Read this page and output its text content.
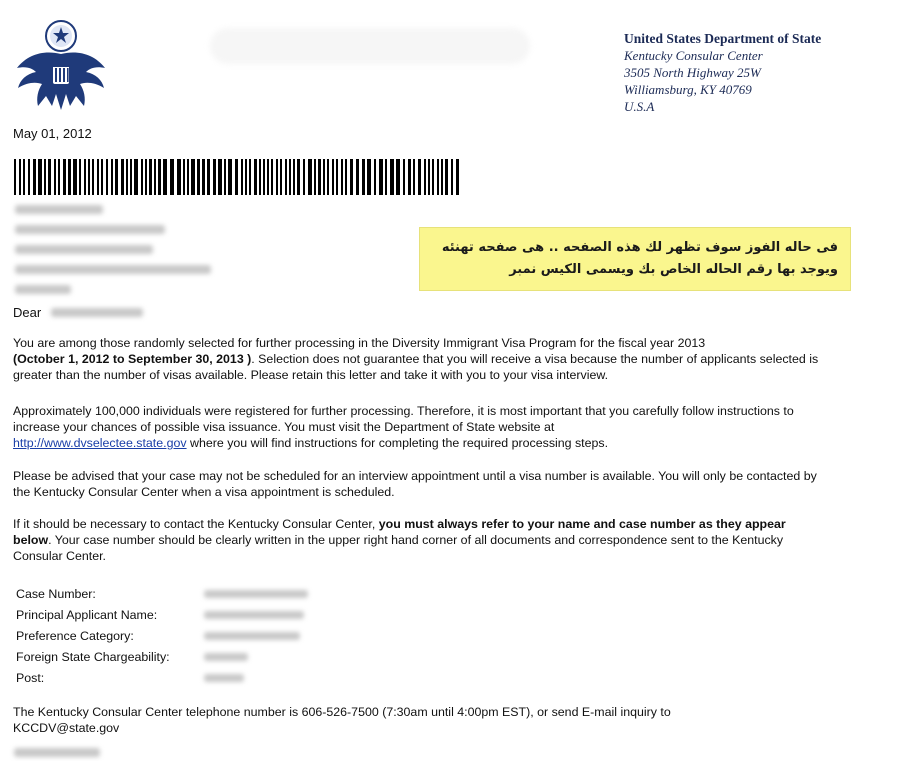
United States Department of State
Kentucky Consular Center
3505 North Highway 25W
Williamsburg, KY 40769
U.S.A
May 01, 2012
فى حاله الفوز سوف تظهر لك هذه الصفحه .. هى صفحه تهنئه
ويوجد بها رقم الحاله الخاص بك ويسمى الكيس نمبر
Dear
You are among those randomly selected for further processing in the Diversity Immigrant Visa Program for the fiscal year 2013
(October 1, 2012 to September 30, 2013 ). Selection does not guarantee that you will receive a visa because the number of applicants selected is greater than the number of visas available. Please retain this letter and take it with you to your visa interview.
Approximately 100,000 individuals were registered for further processing. Therefore, it is most important that you carefully follow instructions to increase your chances of possible visa issuance. You must visit the Department of State website at
http://www.dvselectee.state.gov where you will find instructions for completing the required processing steps.
Please be advised that your case may not be scheduled for an interview appointment until a visa number is available. You will only be contacted by the Kentucky Consular Center when a visa appointment is scheduled.
If it should be necessary to contact the Kentucky Consular Center, you must always refer to your name and case number as they appear below. Your case number should be clearly written in the upper right hand corner of all documents and correspondence sent to the Kentucky Consular Center.
Case Number:
Principal Applicant Name:
Preference Category:
Foreign State Chargeability:
Post:
The Kentucky Consular Center telephone number is 606-526-7500 (7:30am until 4:00pm EST), or send E-mail inquiry to
KCCDV@state.gov
